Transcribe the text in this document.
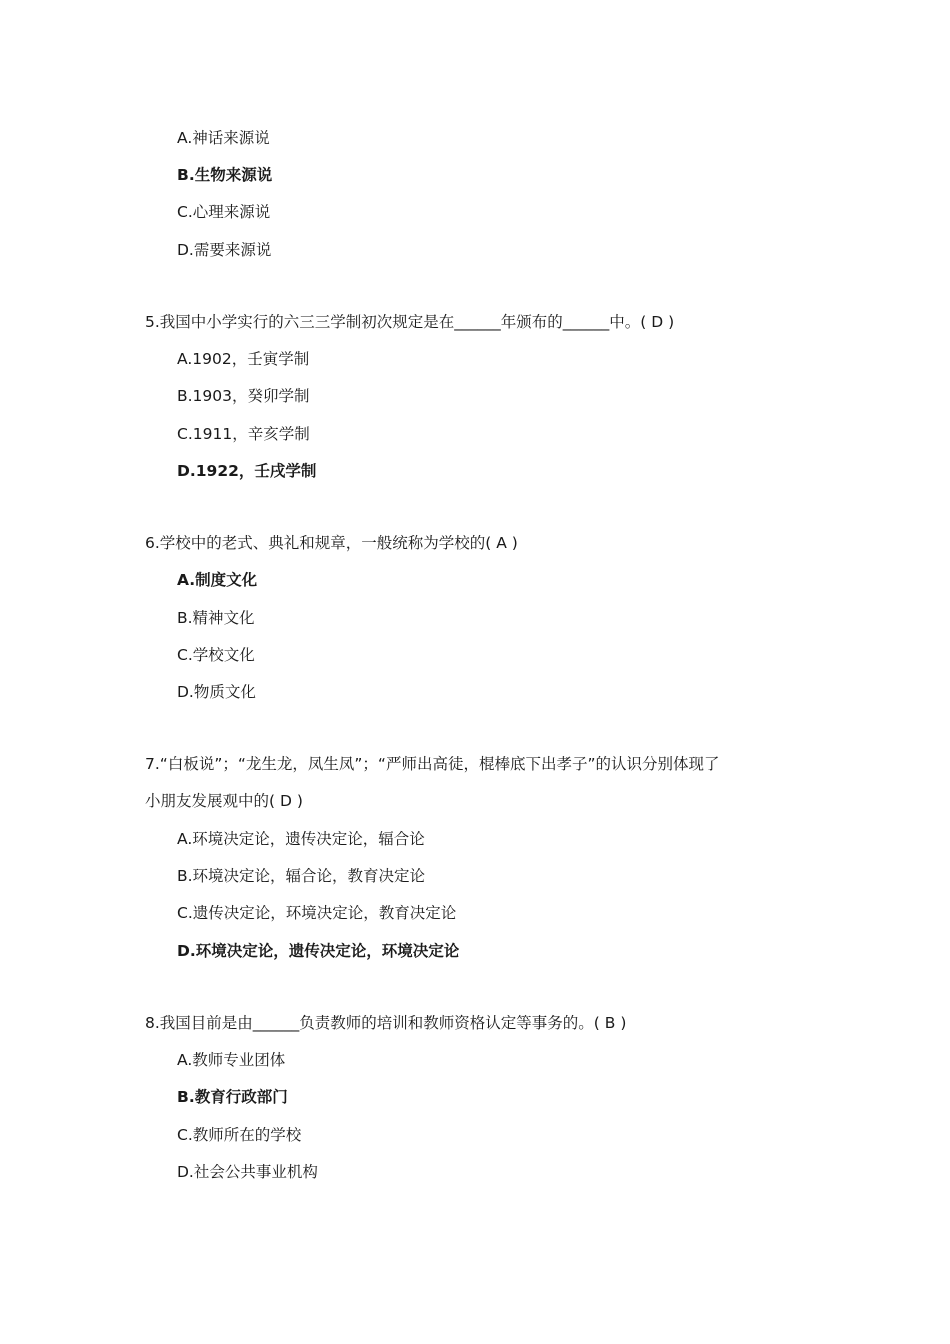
A.神话来源说
B.生物来源说
C.心理来源说
D.需要来源说
5.我国中小学实行的六三三学制初次规定是在______年颁布的______中。( D )
A.1902，壬寅学制
B.1903，癸卯学制
C.1911，辛亥学制
D.1922，壬戌学制
6.学校中的老式、典礼和规章，一般统称为学校的( A )
A.制度文化
B.精神文化
C.学校文化
D.物质文化
7.“白板说”；“龙生龙，凤生凤”；“严师出高徒，棍棒底下出孝子”的认识分别体现了
小朋友发展观中的( D )
A.环境决定论，遗传决定论，辐合论
B.环境决定论，辐合论，教育决定论
C.遗传决定论，环境决定论，教育决定论
D.环境决定论，遗传决定论，环境决定论
8.我国目前是由______负责教师的培训和教师资格认定等事务的。( B )
A.教师专业团体
B.教育行政部门
C.教师所在的学校
D.社会公共事业机构
